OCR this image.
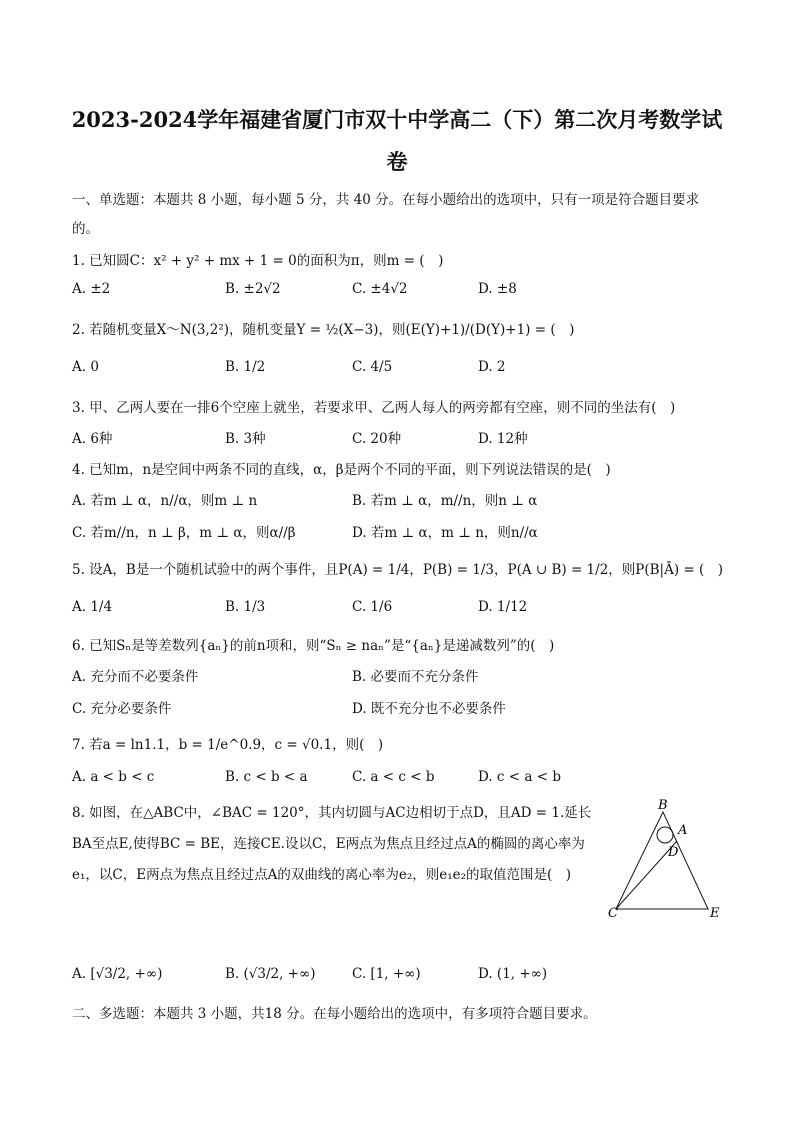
2023-2024学年福建省厦门市双十中学高二（下）第二次月考数学试
卷
一、单选题：本题共 8 小题，每小题 5 分，共 40 分。在每小题给出的选项中，只有一项是符合题目要求
的。
1. 已知圆C：x² + y² + mx + 1 = 0的面积为π，则m = (　)
A. ±2	B. ±2√2	C. ±4√2	D. ±8
2. 若随机变量X～N(3,2²)，随机变量Y = ½(X−3)，则(E(Y)+1)/(D(Y)+1) = (　)
A. 0	B. 1/2	C. 4/5	D. 2
3. 甲、乙两人要在一排6个空座上就坐，若要求甲、乙两人每人的两旁都有空座，则不同的坐法有(　)
A. 6种	B. 3种	C. 20种	D. 12种
4. 已知m，n是空间中两条不同的直线，α，β是两个不同的平面，则下列说法错误的是(　)
A. 若m ⊥ α，n//α，则m ⊥ n	B. 若m ⊥ α，m//n，则n ⊥ α
C. 若m//n，n ⊥ β，m ⊥ α，则α//β	D. 若m ⊥ α，m ⊥ n，则n//α
5. 设A，B是一个随机试验中的两个事件，且P(A) = 1/4，P(B) = 1/3，P(A ∪ B) = 1/2，则P(B|Ā) = (　)
A. 1/4	B. 1/3	C. 1/6	D. 1/12
6. 已知Sₙ是等差数列{aₙ}的前n项和，则“Sₙ ≥ naₙ”是“{aₙ}是递减数列”的(　)
A. 充分而不必要条件	B. 必要而不充分条件
C. 充分必要条件	D. 既不充分也不必要条件
7. 若a = ln1.1，b = 1/e^0.9，c = √0.1，则(　)
A. a < b < c	B. c < b < a	C. a < c < b	D. c < a < b
8. 如图，在△ABC中，∠BAC = 120°，其内切圆与AC边相切于点D，且AD = 1.延长
BA至点E,使得BC = BE，连接CE.设以C，E两点为焦点且经过点A的椭圆的离心率为
e₁，以C，E两点为焦点且经过点A的双曲线的离心率为e₂，则e₁e₂的取值范围是(　)
B
A
D
C	E
A. [√3/2, +∞)	B. (√3/2, +∞)	C. [1, +∞)	D. (1, +∞)
二、多选题：本题共 3 小题，共18 分。在每小题给出的选项中，有多项符合题目要求。
